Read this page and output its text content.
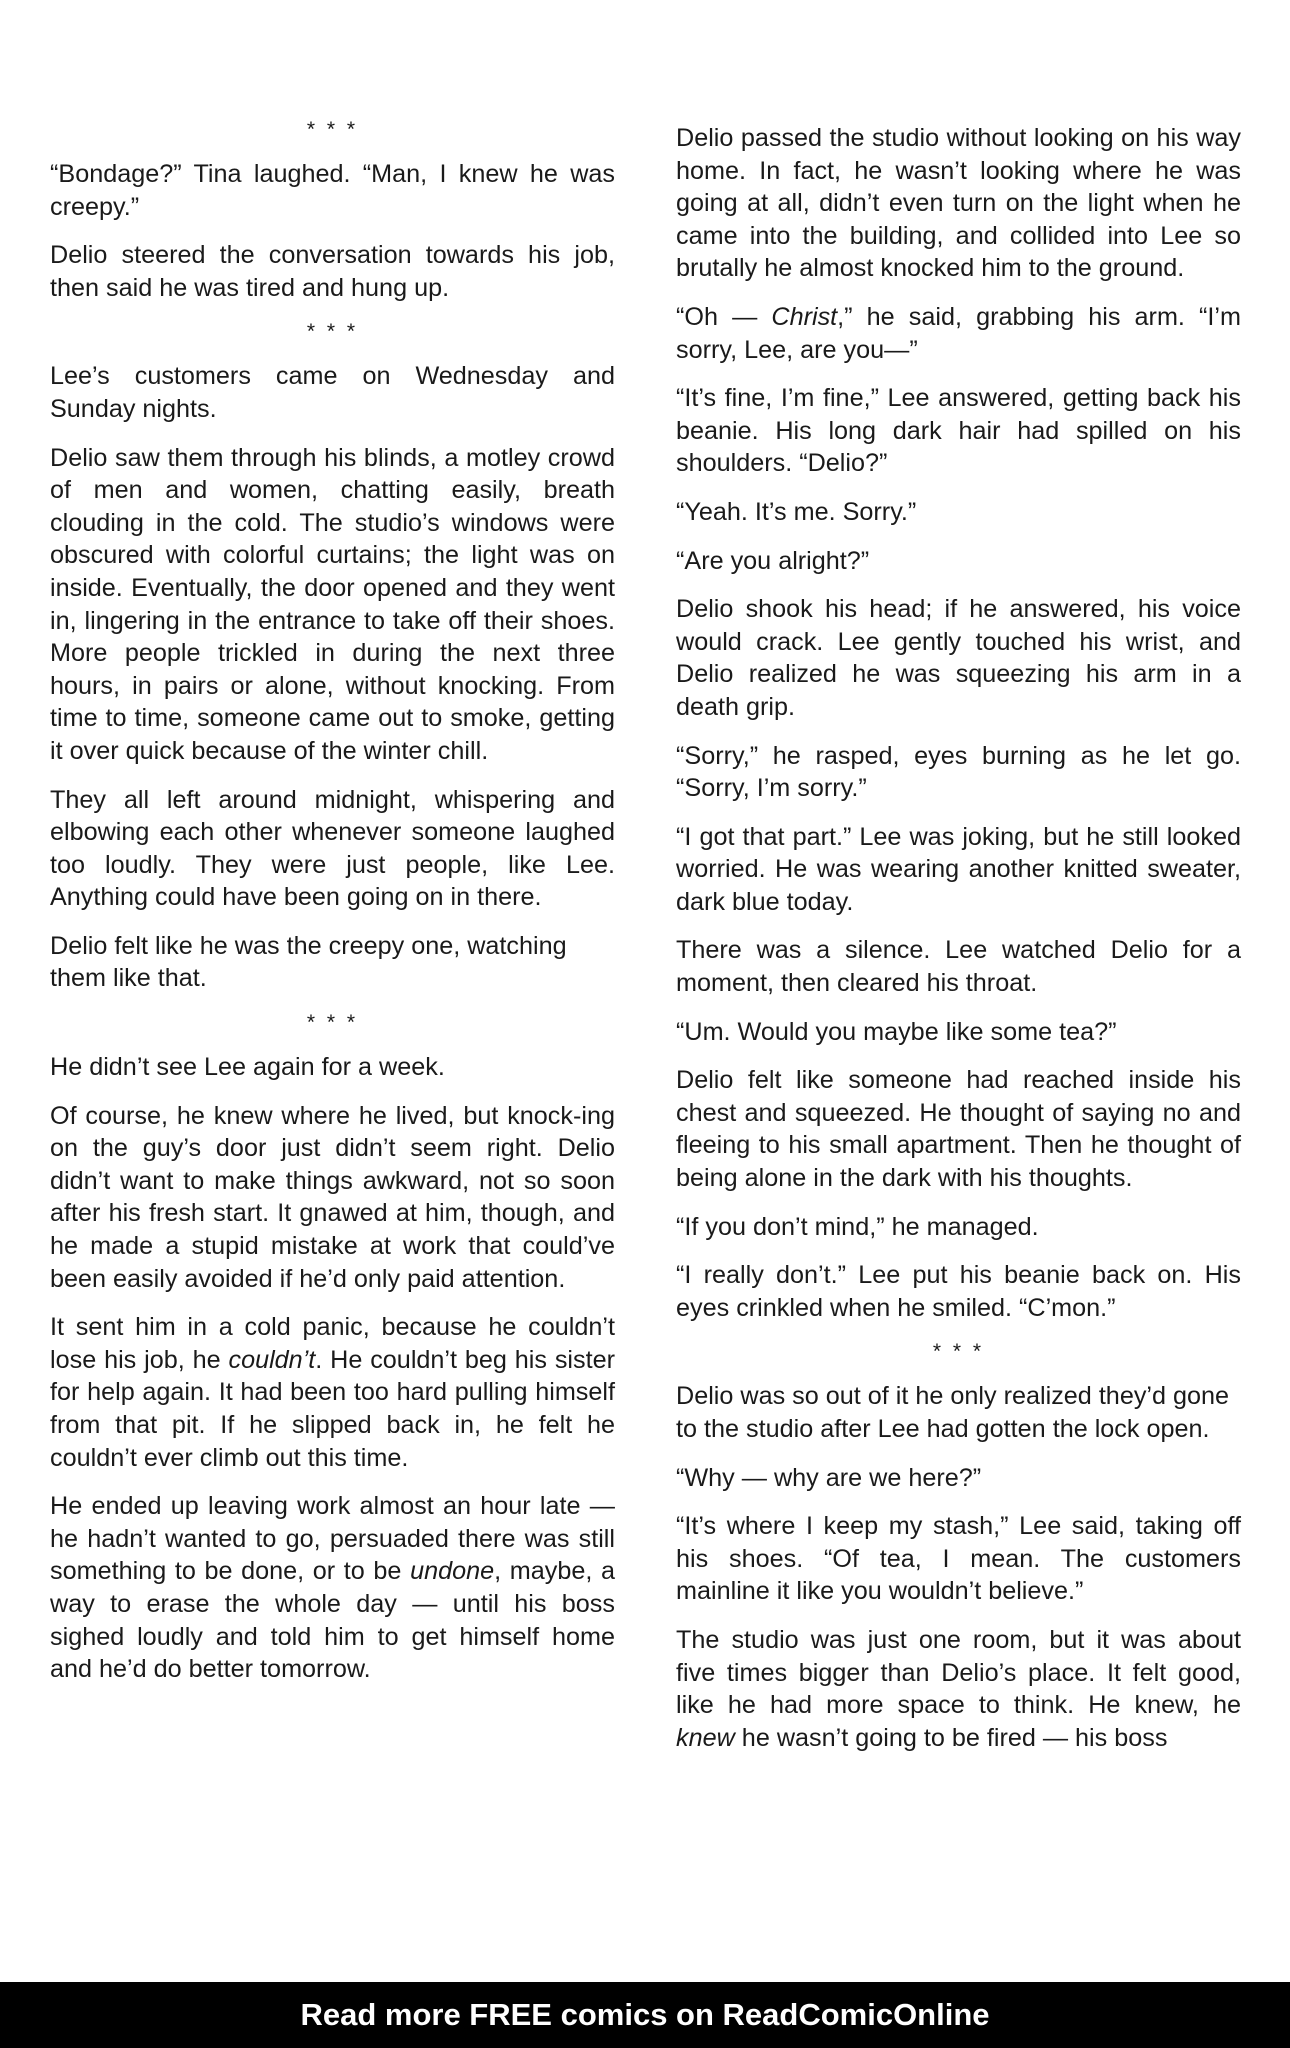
* * *

“Bondage?” Tina laughed. “Man, I knew he was creepy.”

Delio steered the conversation towards his job, then said he was tired and hung up.

* * *

Lee’s customers came on Wednesday and Sunday nights.

Delio saw them through his blinds, a motley crowd of men and women, chatting easily, breath clouding in the cold. The studio’s windows were obscured with colorful curtains; the light was on inside. Eventually, the door opened and they went in, lingering in the entrance to take off their shoes. More people trickled in during the next three hours, in pairs or alone, without knocking. From time to time, someone came out to smoke, getting it over quick because of the winter chill.

They all left around midnight, whispering and elbowing each other whenever someone laughed too loudly. They were just people, like Lee. Anything could have been going on in there.

Delio felt like he was the creepy one, watching them like that.

* * *

He didn’t see Lee again for a week.

Of course, he knew where he lived, but knock-ing on the guy’s door just didn’t seem right. Delio didn’t want to make things awkward, not so soon after his fresh start. It gnawed at him, though, and he made a stupid mistake at work that could’ve been easily avoided if he’d only paid attention.

It sent him in a cold panic, because he couldn’t lose his job, he couldn’t. He couldn’t beg his sister for help again. It had been too hard pulling himself from that pit. If he slipped back in, he felt he couldn’t ever climb out this time.

He ended up leaving work almost an hour late — he hadn’t wanted to go, persuaded there was still something to be done, or to be undone, maybe, a way to erase the whole day — until his boss sighed loudly and told him to get himself home and he’d do better tomorrow.

Delio passed the studio without looking on his way home. In fact, he wasn’t looking where he was going at all, didn’t even turn on the light when he came into the building, and collided into Lee so brutally he almost knocked him to the ground.

“Oh — Christ,” he said, grabbing his arm. “I’m sorry, Lee, are you—”

“It’s fine, I’m fine,” Lee answered, getting back his beanie. His long dark hair had spilled on his shoulders. “Delio?”

“Yeah. It’s me. Sorry.”

“Are you alright?”

Delio shook his head; if he answered, his voice would crack. Lee gently touched his wrist, and Delio realized he was squeezing his arm in a death grip.

“Sorry,” he rasped, eyes burning as he let go. “Sorry, I’m sorry.”

“I got that part.” Lee was joking, but he still looked worried. He was wearing another knitted sweater, dark blue today.

There was a silence. Lee watched Delio for a moment, then cleared his throat.

“Um. Would you maybe like some tea?”

Delio felt like someone had reached inside his chest and squeezed. He thought of saying no and fleeing to his small apartment. Then he thought of being alone in the dark with his thoughts.

“If you don’t mind,” he managed.

“I really don’t.” Lee put his beanie back on. His eyes crinkled when he smiled. “C’mon.”

* * *

Delio was so out of it he only realized they’d gone to the studio after Lee had gotten the lock open.

“Why — why are we here?”

“It’s where I keep my stash,” Lee said, taking off his shoes. “Of tea, I mean. The customers mainline it like you wouldn’t believe.”

The studio was just one room, but it was about five times bigger than Delio’s place. It felt good, like he had more space to think. He knew, he knew he wasn’t going to be fired — his boss

Read more FREE comics on ReadComicOnline
